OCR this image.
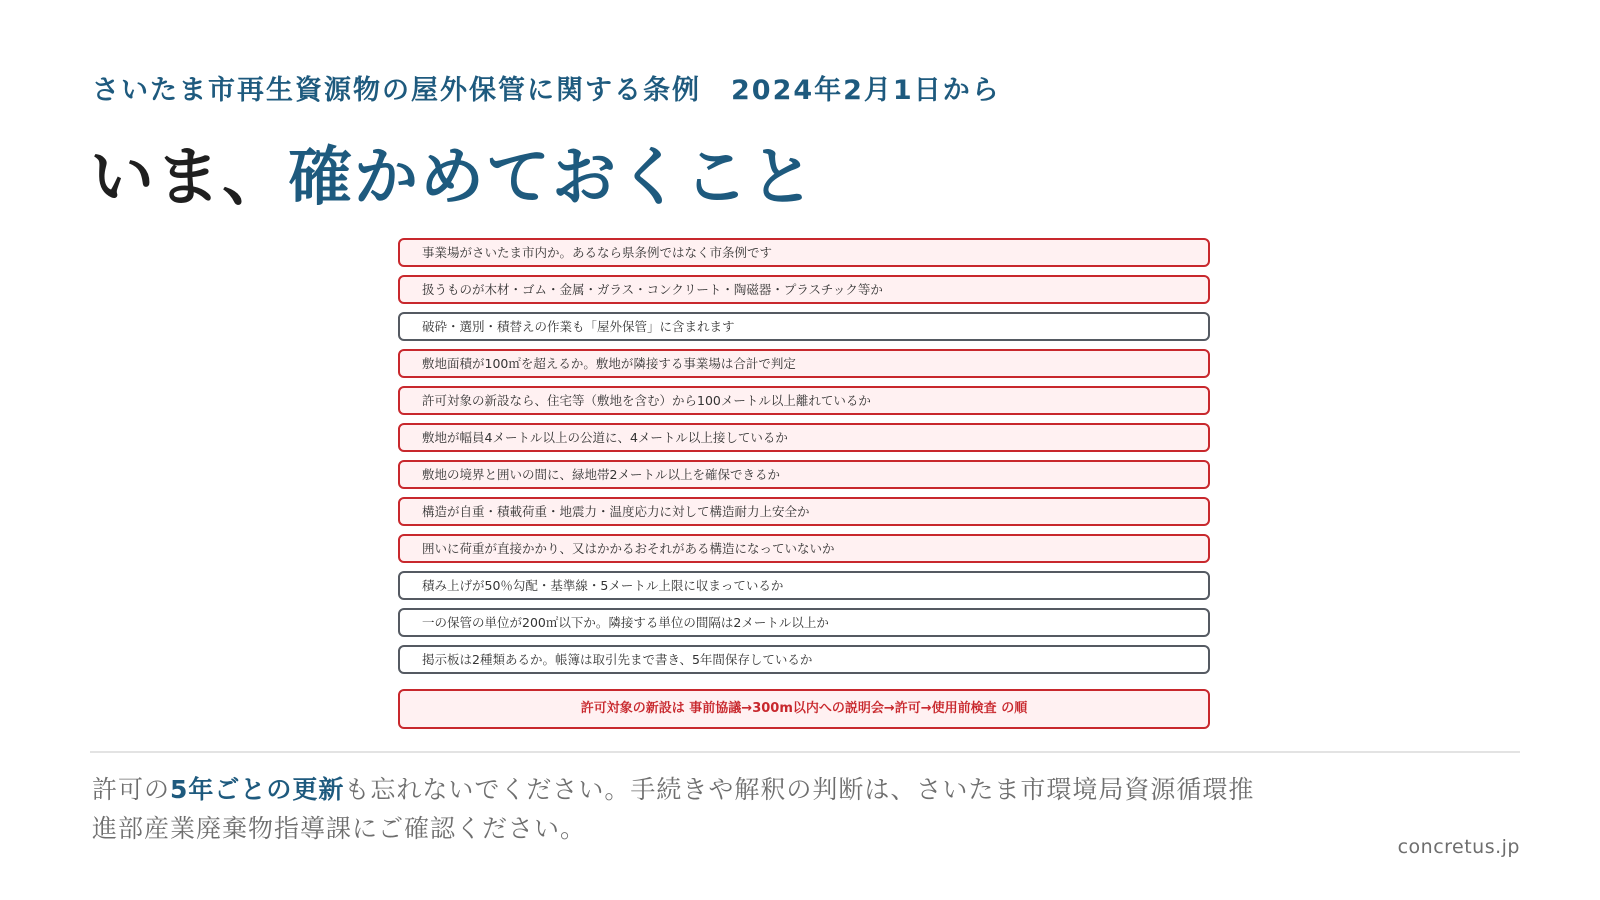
さいたま市再生資源物の屋外保管に関する条例 2024年2月1日から
いま、確かめておくこと
事業場がさいたま市内か。あるなら県条例ではなく市条例です
扱うものが木材・ゴム・金属・ガラス・コンクリート・陶磁器・プラスチック等か
破砕・選別・積替えの作業も「屋外保管」に含まれます
敷地面積が100㎡を超えるか。敷地が隣接する事業場は合計で判定
許可対象の新設なら、住宅等（敷地を含む）から100メートル以上離れているか
敷地が幅員4メートル以上の公道に、4メートル以上接しているか
敷地の境界と囲いの間に、緑地帯2メートル以上を確保できるか
構造が自重・積載荷重・地震力・温度応力に対して構造耐力上安全か
囲いに荷重が直接かかり、又はかかるおそれがある構造になっていないか
積み上げが50％勾配・基準線・5メートル上限に収まっているか
一の保管の単位が200㎡以下か。隣接する単位の間隔は2メートル以上か
掲示板は2種類あるか。帳簿は取引先まで書き、5年間保存しているか
許可対象の新設は 事前協議→300m以内への説明会→許可→使用前検査 の順
許可の5年ごとの更新も忘れないでください。手続きや解釈の判断は、さいたま市環境局資源循環推進部産業廃棄物指導課にご確認ください。
concretus.jp
